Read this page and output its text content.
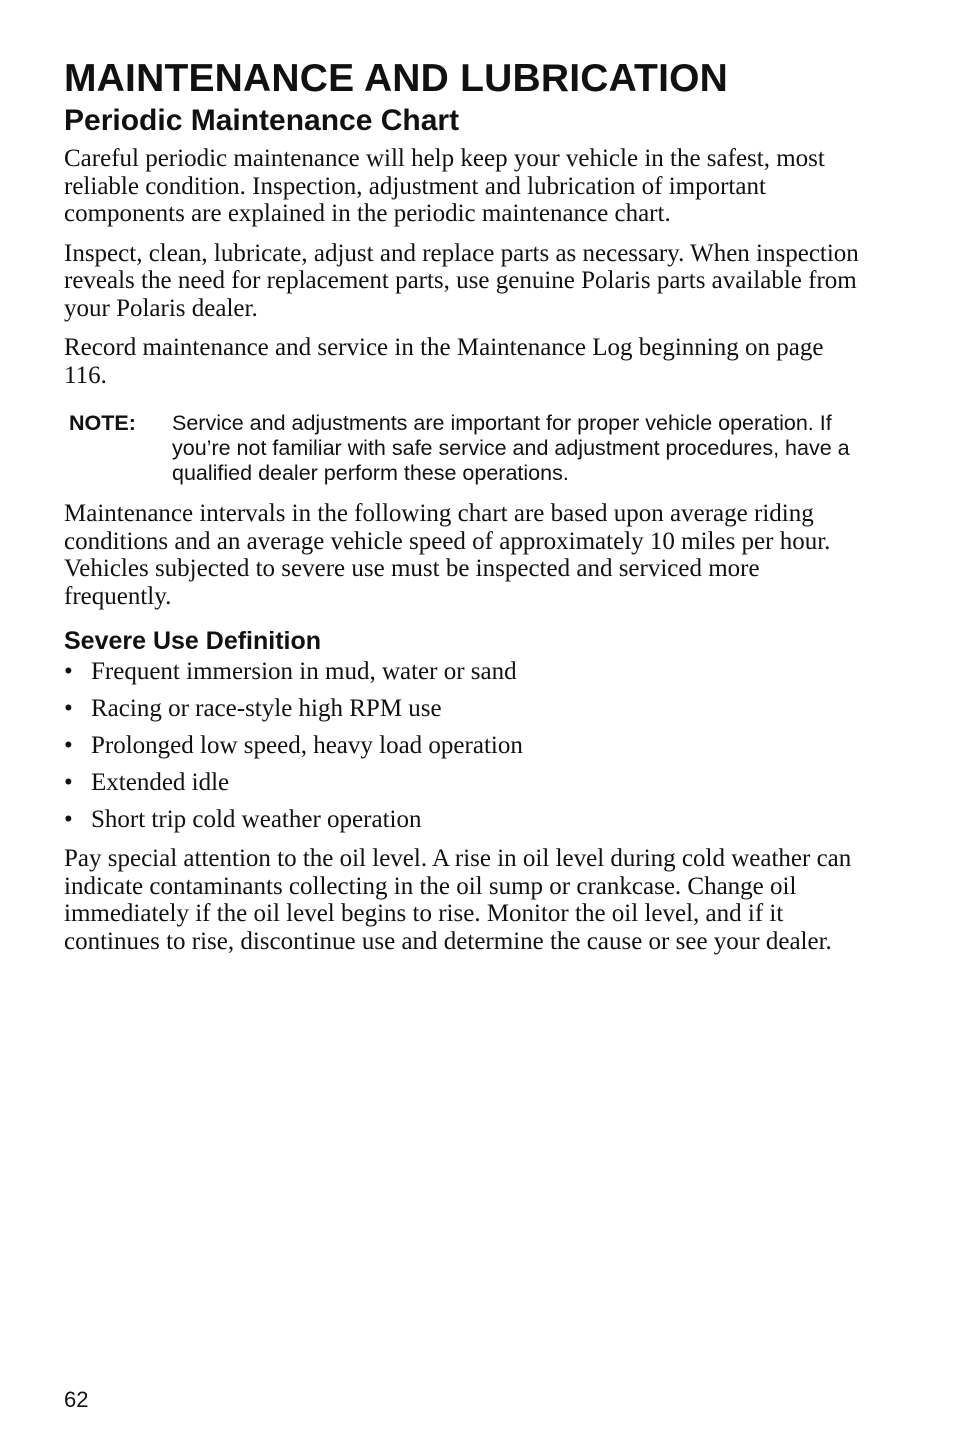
MAINTENANCE AND LUBRICATION
Periodic Maintenance Chart

Careful periodic maintenance will help keep your vehicle in the safest, most reliable condition. Inspection, adjustment and lubrication of important components are explained in the periodic maintenance chart.

Inspect, clean, lubricate, adjust and replace parts as necessary. When inspection reveals the need for replacement parts, use genuine Polaris parts available from your Polaris dealer.

Record maintenance and service in the Maintenance Log beginning on page 116.

NOTE:	Service and adjustments are important for proper vehicle operation. If you’re not familiar with safe service and adjustment procedures, have a qualified dealer perform these operations.

Maintenance intervals in the following chart are based upon average riding conditions and an average vehicle speed of approximately 10 miles per hour. Vehicles subjected to severe use must be inspected and serviced more frequently.

Severe Use Definition
• Frequent immersion in mud, water or sand
• Racing or race-style high RPM use
• Prolonged low speed, heavy load operation
• Extended idle
• Short trip cold weather operation

Pay special attention to the oil level. A rise in oil level during cold weather can indicate contaminants collecting in the oil sump or crankcase. Change oil immediately if the oil level begins to rise. Monitor the oil level, and if it continues to rise, discontinue use and determine the cause or see your dealer.

62
